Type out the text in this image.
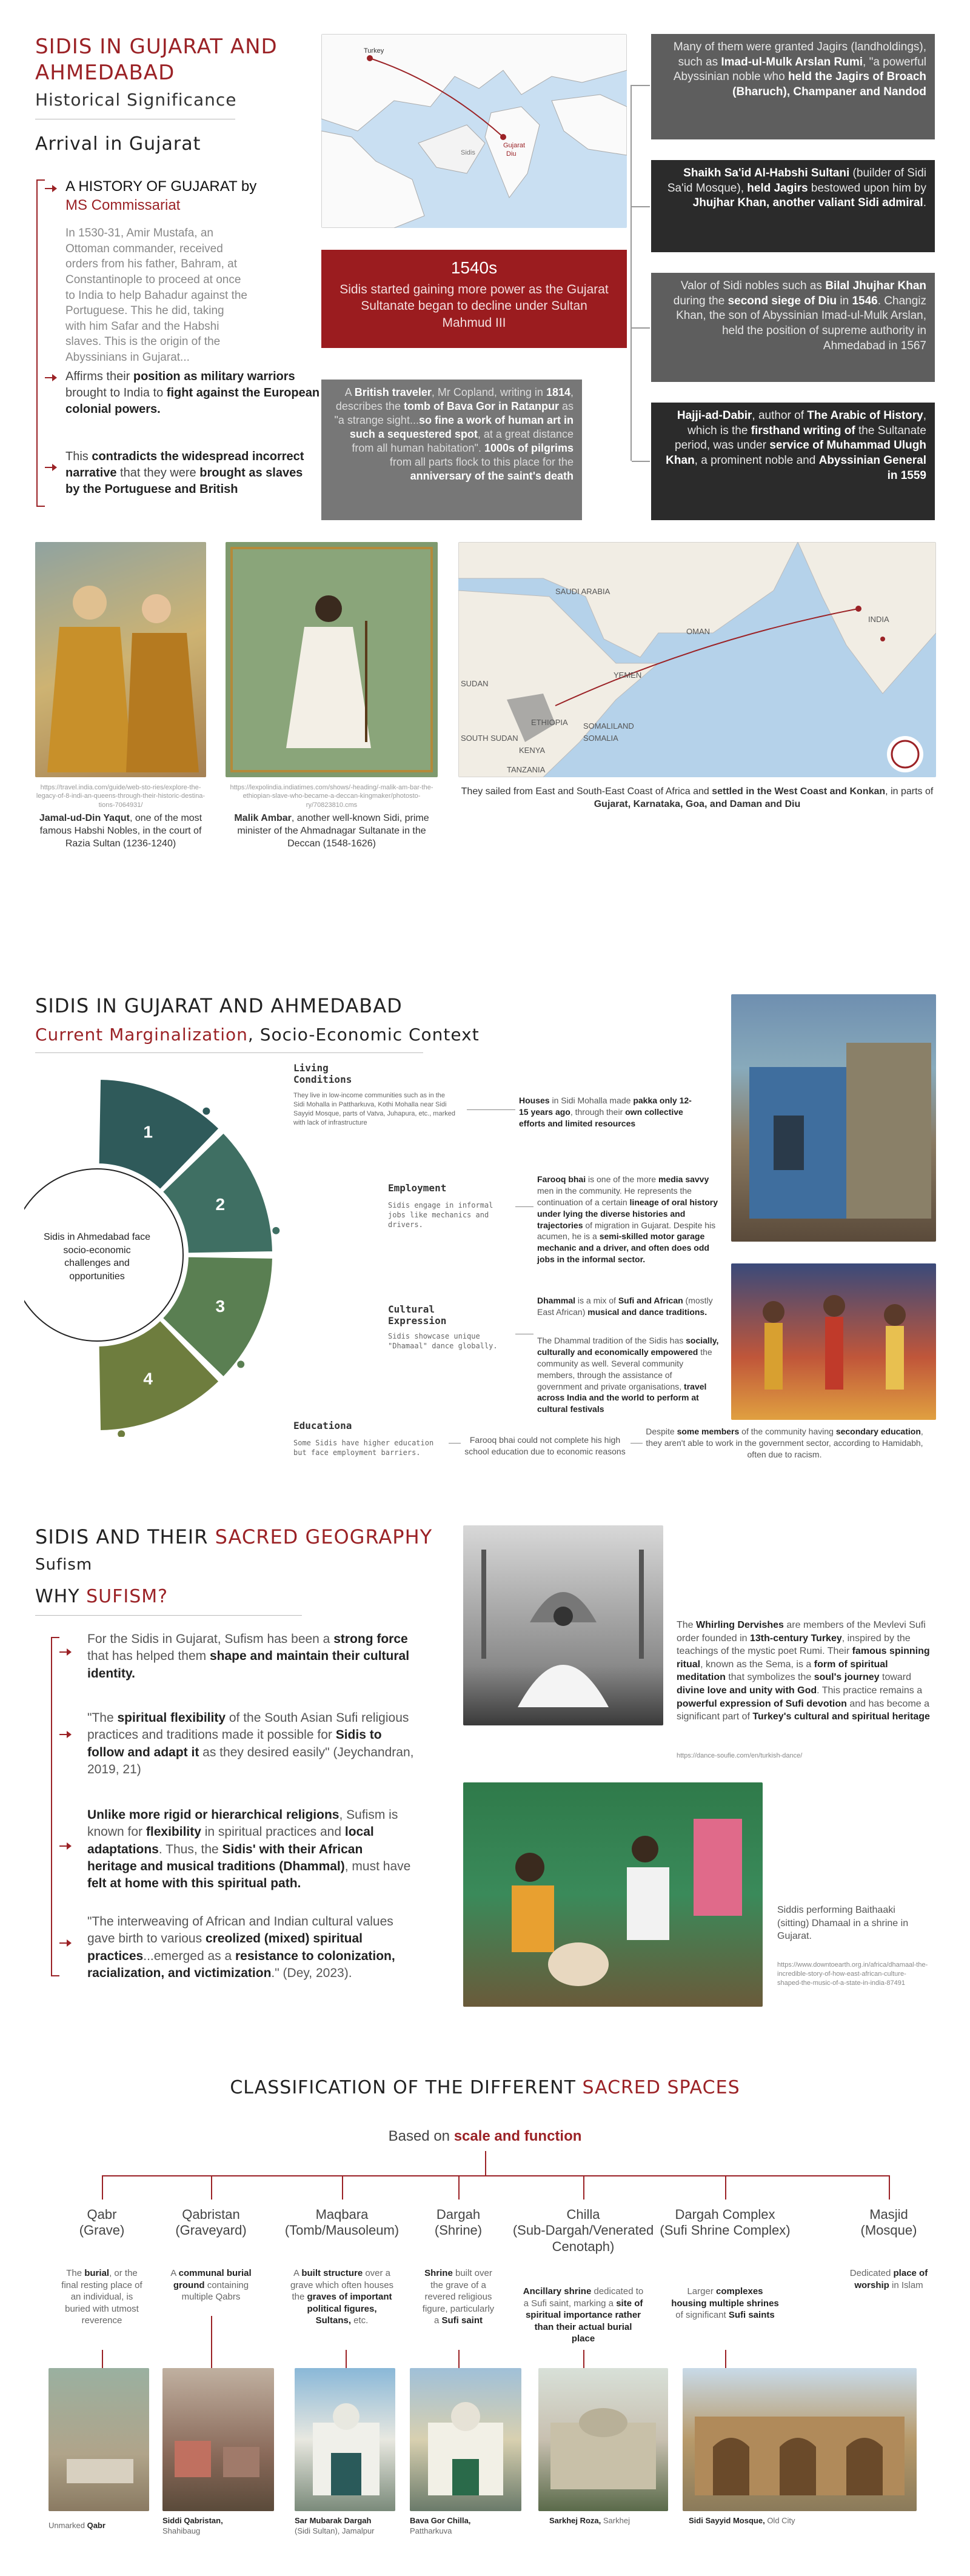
SIDIS IN GUJARAT AND
AHMEDABAD
Historical Significance
Arrival in Gujarat
A HISTORY OF GUJARAT by
MS Commissariat
In 1530-31, Amir Mustafa, an Ottoman commander, received orders from his father, Bahram, at Constantinople to proceed at once to India to help Bahadur against the Portuguese. This he did, taking with him Safar and the Habshi slaves. This is the origin of the Abyssinians in Gujarat...
Affirms their position as military warriors brought to India to fight against the European colonial powers.
This contradicts the widespread incorrect narrative that they were brought as slaves by the Portuguese and British
Turkey
Sidis
Gujarat
Diu
1540s
Sidis started gaining more power as the Gujarat Sultanate began to decline under Sultan Mahmud III
A British traveler, Mr Copland, writing in 1814, describes the tomb of Bava Gor in Ratanpur as "a strange sight...so fine a work of human art in such a sequestered spot, at a great distance from all human habitation". 1000s of pilgrims from all parts flock to this place for the anniversary of the saint's death
Many of them were granted Jagirs (landholdings), such as Imad-ul-Mulk Arslan Rumi, "a powerful Abyssinian noble who held the Jagirs of Broach (Bharuch), Champaner and Nandod
Shaikh Sa'id Al-Habshi Sultani (builder of Sidi Sa'id Mosque), held Jagirs bestowed upon him by Jhujhar Khan, another valiant Sidi admiral.
Valor of Sidi nobles such as Bilal Jhujhar Khan during the second siege of Diu in 1546. Changiz Khan, the son of Abyssinian Imad-ul-Mulk Arslan, held the position of supreme authority in Ahmedabad in 1567
Hajji-ad-Dabir, author of The Arabic of History, which is the firsthand writing of the Sultanate period, was under service of Muhammad Ulugh Khan, a prominent noble and Abyssinian General in 1559
https://travel.india.com/guide/web-sto-ries/explore-the-legacy-of-8-indi-an-queens-through-their-historic-destina-tions-7064931/
Jamal-ud-Din Yaqut, one of the most famous Habshi Nobles, in the court of Razia Sultan (1236-1240)
https://lexpolindia.indiatimes.com/shows/-heading/-malik-am-bar-the-ethiopian-slave-who-became-a-deccan-kingmaker/photosto-ry/70823810.cms
Malik Ambar, another well-known Sidi, prime minister of the Ahmadnagar Sultanate in the Deccan (1548-1626)
SAUDI ARABIA
OMAN
INDIA
YEMEN
SUDAN
ETHIOPIA SOMALILAND
SOMALIA
SOUTH SUDAN
KENYA
TANZANIA
They sailed from East and South-East Coast of Africa and settled in the West Coast and Konkan, in parts of Gujarat, Karnataka, Goa, and Daman and Diu
SIDIS IN GUJARAT AND AHMEDABAD
Current Marginalization, Socio-Economic Context
1
2
3
4
Sidis in Ahmedabad face socio-economic challenges and opportunities
Living Conditions
They live in low-income communities such as in the Sidi Mohalla in Pattharkuva, Kothi Mohalla near Sidi Sayyid Mosque, parts of Vatva, Juhapura, etc., marked with lack of infrastructure
Employment
Sidis engage in informal jobs like mechanics and drivers.
Cultural Expression
Sidis showcase unique "Dhamaal" dance globally.
Educationa
Some Sidis have higher education but face employment barriers.
Houses in Sidi Mohalla made pakka only 12-15 years ago, through their own collective efforts and limited resources
Farooq bhai is one of the more media savvy men in the community. He represents the continuation of a certain lineage of oral history under lying the diverse histories and trajectories of migration in Gujarat. Despite his acumen, he is a semi-skilled motor garage mechanic and a driver, and often does odd jobs in the informal sector.
Dhammal is a mix of Sufi and African (mostly East African) musical and dance traditions.
The Dhammal tradition of the Sidis has socially, culturally and economically empowered the community as well. Several community members, through the assistance of government and private organisations, travel across India and the world to perform at cultural festivals
Farooq bhai could not complete his high school education due to economic reasons
Despite some members of the community having secondary education, they aren't able to work in the government sector, according to Hamidabh, often due to racism.
SIDIS AND THEIR SACRED GEOGRAPHY
Sufism
WHY SUFISM?
For the Sidis in Gujarat, Sufism has been a strong force that has helped them shape and maintain their cultural identity.
"The spiritual flexibility of the South Asian Sufi religious practices and traditions made it possible for Sidis to follow and adapt it as they desired easily" (Jeychandran, 2019, 21)
Unlike more rigid or hierarchical religions, Sufism is known for flexibility in spiritual practices and local adaptations. Thus, the Sidis' with their African heritage and musical traditions (Dhammal), must have felt at home with this spiritual path.
"The interweaving of African and Indian cultural values gave birth to various creolized (mixed) spiritual practices...emerged as a resistance to colonization, racialization, and victimization." (Dey, 2023).
The Whirling Dervishes are members of the Mevlevi Sufi order founded in 13th-century Turkey, inspired by the teachings of the mystic poet Rumi. Their famous spinning ritual, known as the Sema, is a form of spiritual meditation that symbolizes the soul's journey toward divine love and unity with God. This practice remains a powerful expression of Sufi devotion and has become a significant part of Turkey's cultural and spiritual heritage
https://dance-soufie.com/en/turkish-dance/
Siddis performing Baithaaki (sitting) Dhamaal in a shrine in Gujarat.
https://www.downtoearth.org.in/africa/dhamaal-the-incredible-story-of-how-east-african-culture-shaped-the-music-of-a-state-in-india-87491
CLASSIFICATION OF THE DIFFERENT SACRED SPACES
Based on scale and function
Qabr
(Grave)
Qabristan
(Graveyard)
Maqbara
(Tomb/Mausoleum)
Dargah
(Shrine)
Chilla
(Sub-Dargah/Venerated Cenotaph)
Dargah Complex
(Sufi Shrine Complex)
Masjid
(Mosque)
The burial, or the final resting place of an individual, is buried with utmost reverence
A communal burial ground containing multiple Qabrs
A built structure over a grave which often houses the graves of important political figures, Sultans, etc.
Shrine built over the grave of a revered religious figure, particularly a Sufi saint
Ancillary shrine dedicated to a Sufi saint, marking a site of spiritual importance rather than their actual burial place
Larger complexes housing multiple shrines of significant Sufi saints
Dedicated place of worship in Islam
Unmarked Qabr
Siddi Qabristan,
Shahibaug
Sar Mubarak Dargah
(Sidi Sultan), Jamalpur
Bava Gor Chilla,
Pattharkuva
Sarkhej Roza, Sarkhej	Sidi Sayyid Mosque, Old City
